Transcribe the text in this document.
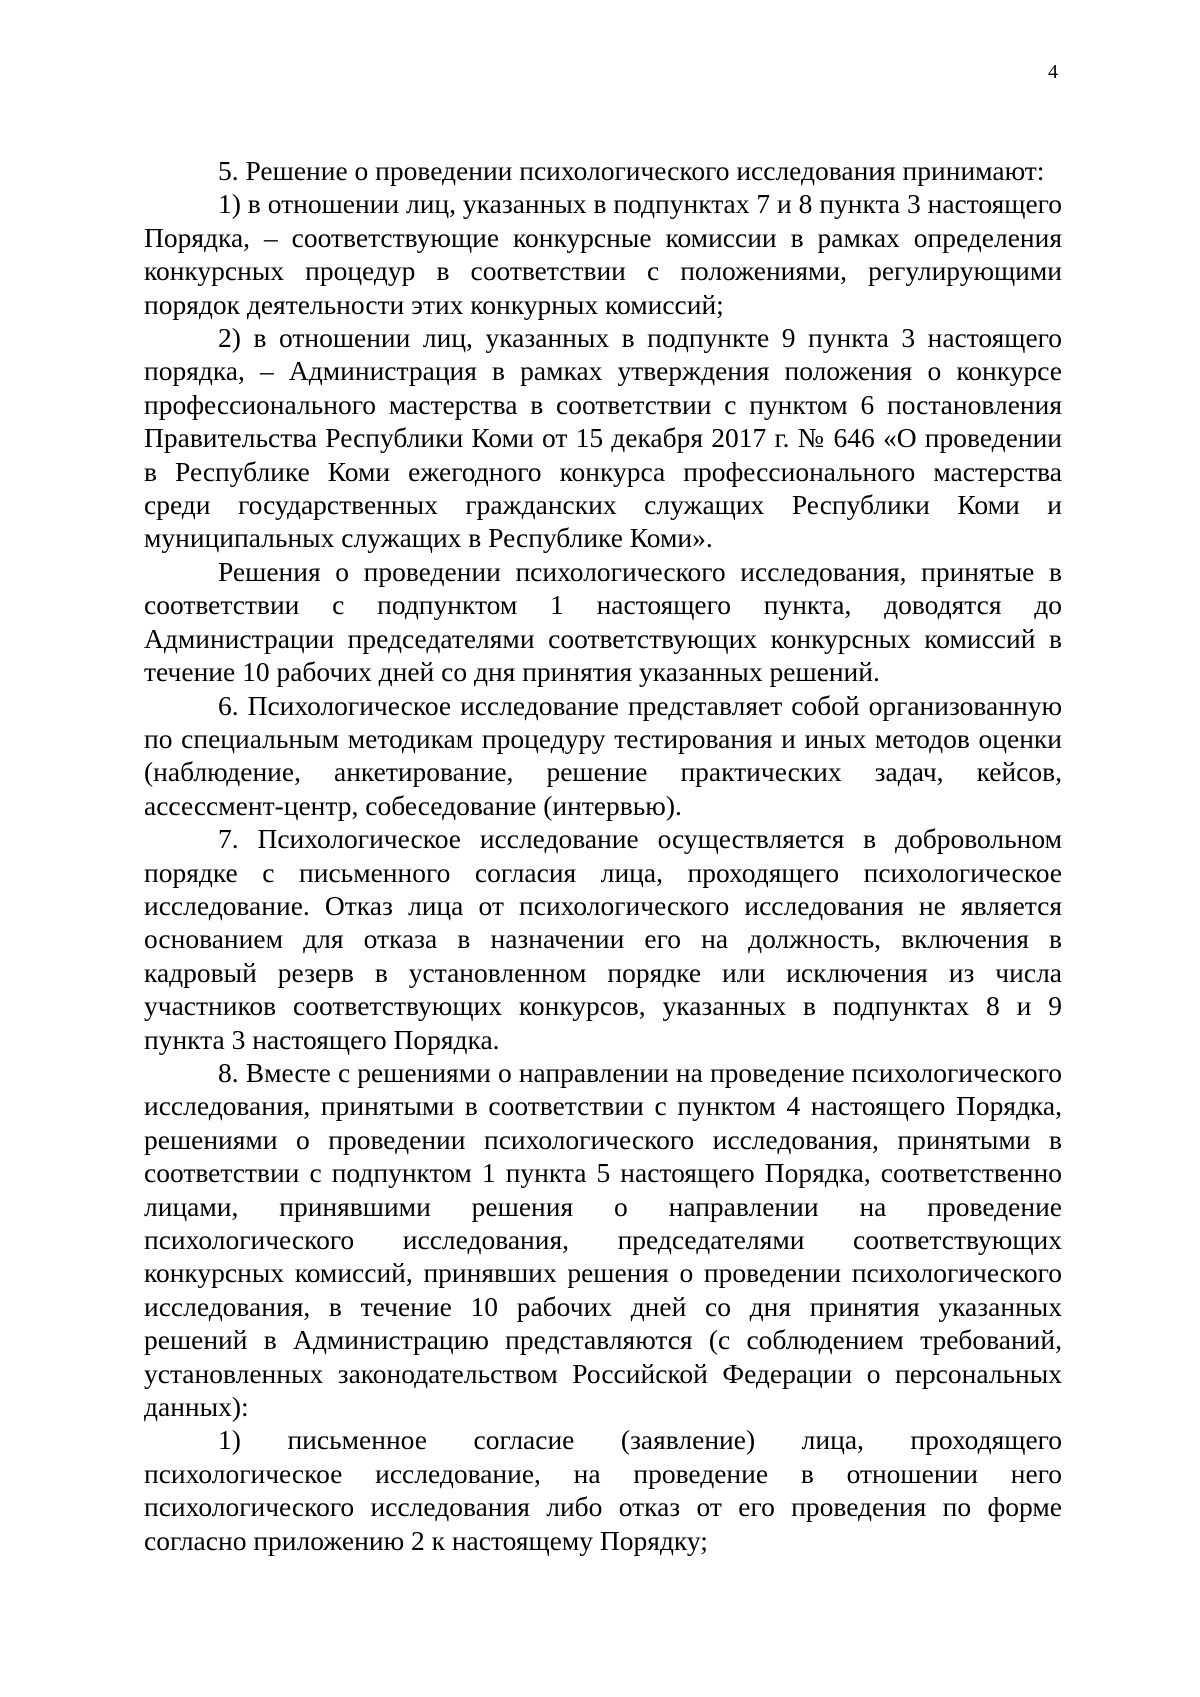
4

5. Решение о проведении психологического исследования принимают:

1) в отношении лиц, указанных в подпунктах 7 и 8 пункта 3 настоящего Порядка, – соответствующие конкурсные комиссии в рамках определения конкурсных процедур в соответствии с положениями, регулирующими порядок деятельности этих конкурных комиссий;

2) в отношении лиц, указанных в подпункте 9 пункта 3 настоящего порядка, – Администрация в рамках утверждения положения о конкурсе профессионального мастерства в соответствии с пунктом 6 постановления Правительства Республики Коми от 15 декабря 2017 г. № 646 «О проведении в Республике Коми ежегодного конкурса профессионального мастерства среди государственных гражданских служащих Республики Коми и муниципальных служащих в Республике Коми».

Решения о проведении психологического исследования, принятые в соответствии с подпунктом 1 настоящего пункта, доводятся до Администрации председателями соответствующих конкурсных комиссий в течение 10 рабочих дней со дня принятия указанных решений.

6. Психологическое исследование представляет собой организованную по специальным методикам процедуру тестирования и иных методов оценки (наблюдение, анкетирование, решение практических задач, кейсов, ассессмент-центр, собеседование (интервью).

7. Психологическое исследование осуществляется в добровольном порядке с письменного согласия лица, проходящего психологическое исследование. Отказ лица от психологического исследования не является основанием для отказа в назначении его на должность, включения в кадровый резерв в установленном порядке или исключения из числа участников соответствующих конкурсов, указанных в подпунктах 8 и 9 пункта 3 настоящего Порядка.

8. Вместе с решениями о направлении на проведение психологического исследования, принятыми в соответствии с пунктом 4 настоящего Порядка, решениями о проведении психологического исследования, принятыми в соответствии с подпунктом 1 пункта 5 настоящего Порядка, соответственно лицами, принявшими решения о направлении на проведение психологического исследования, председателями соответствующих конкурсных комиссий, принявших решения о проведении психологического исследования, в течение 10 рабочих дней со дня принятия указанных решений в Администрацию представляются (с соблюдением требований, установленных законодательством Российской Федерации о персональных данных):

1) письменное согласие (заявление) лица, проходящего психологическое исследование, на проведение в отношении него психологического исследования либо отказ от его проведения по форме согласно приложению 2 к настоящему Порядку;
